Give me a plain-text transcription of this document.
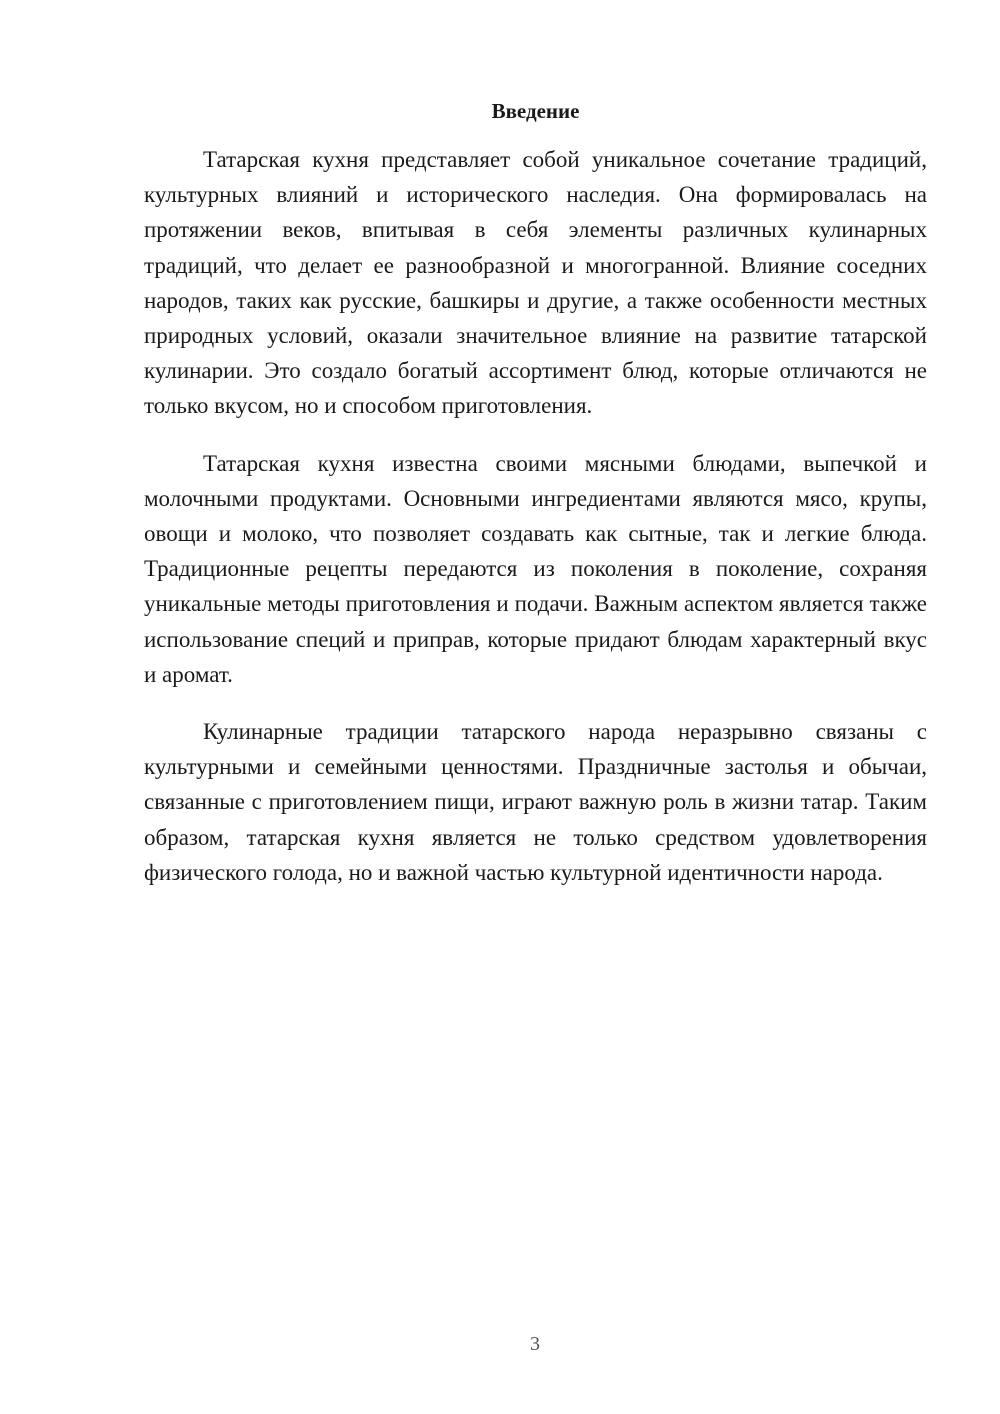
Введение

Татарская кухня представляет собой уникальное сочетание традиций, культурных влияний и исторического наследия. Она формировалась на протяжении веков, впитывая в себя элементы различных кулинарных традиций, что делает ее разнообразной и многогранной. Влияние соседних народов, таких как русские, башкиры и другие, а также особенности местных природных условий, оказали значительное влияние на развитие татарской кулинарии. Это создало богатый ассортимент блюд, которые отличаются не только вкусом, но и способом приготовления.

Татарская кухня известна своими мясными блюдами, выпечкой и молочными продуктами. Основными ингредиентами являются мясо, крупы, овощи и молоко, что позволяет создавать как сытные, так и легкие блюда. Традиционные рецепты передаются из поколения в поколение, сохраняя уникальные методы приготовления и подачи. Важным аспектом является также использование специй и приправ, которые придают блюдам характерный вкус и аромат.

Кулинарные традиции татарского народа неразрывно связаны с культурными и семейными ценностями. Праздничные застолья и обычаи, связанные с приготовлением пищи, играют важную роль в жизни татар. Таким образом, татарская кухня является не только средством удовлетворения физического голода, но и важной частью культурной идентичности народа.

3
